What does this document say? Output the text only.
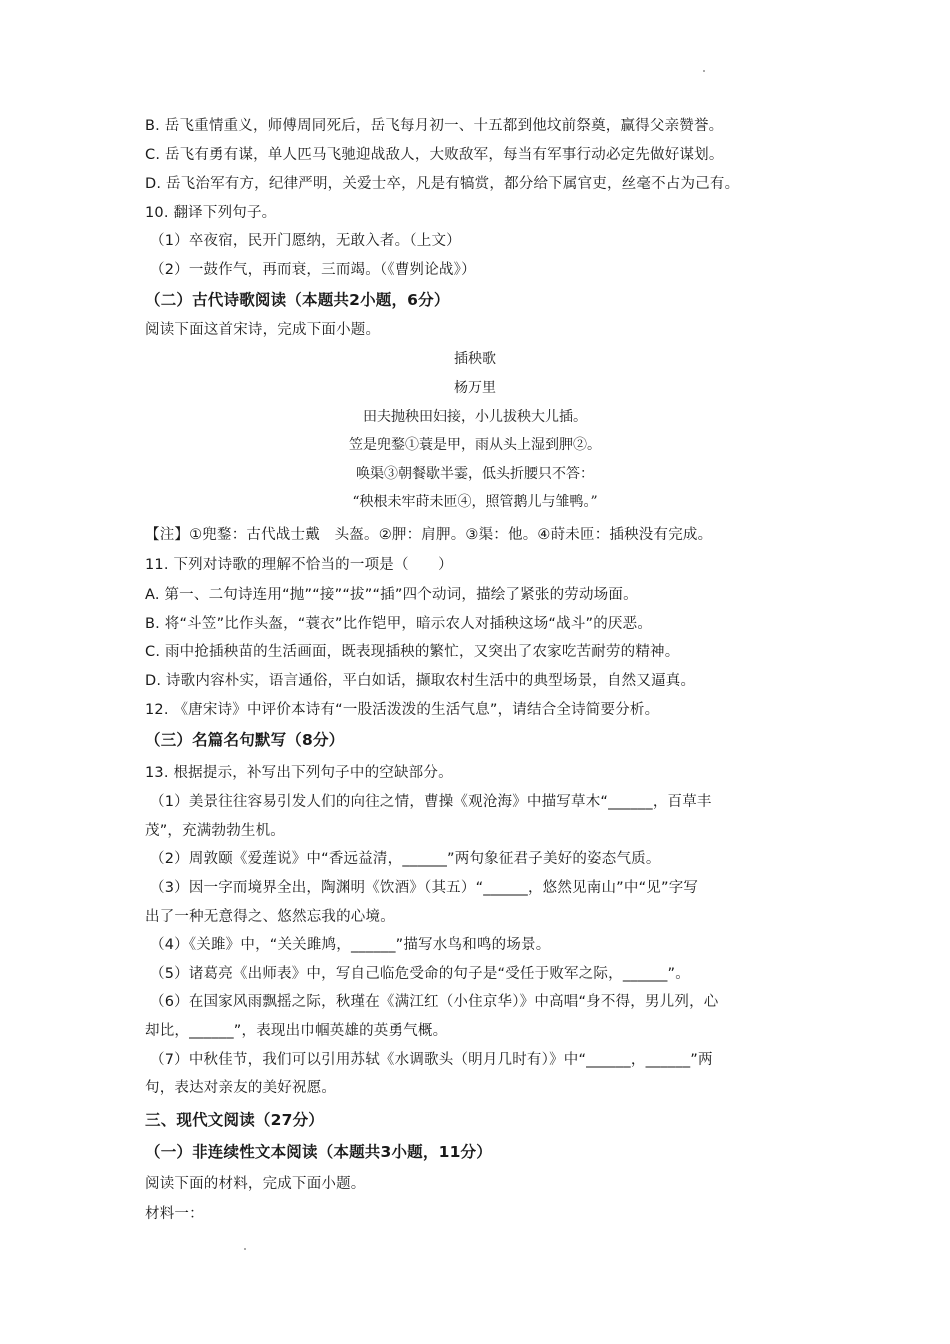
B. 岳飞重情重义，师傅周同死后，岳飞每月初一、十五都到他坟前祭奠，赢得父亲赞誉。
C. 岳飞有勇有谋，单人匹马飞驰迎战敌人，大败敌军，每当有军事行动必定先做好谋划。
D. 岳飞治军有方，纪律严明，关爱士卒，凡是有犒赏，都分给下属官吏，丝毫不占为己有。
10. 翻译下列句子。
（1）卒夜宿，民开门愿纳，无敢入者。（上文）
（2）一鼓作气，再而衰，三而竭。（《曹刿论战》）
（二）古代诗歌阅读（本题共2小题，6分）
阅读下面这首宋诗，完成下面小题。
插秧歌
杨万里
田夫抛秧田妇接，小儿拔秧大儿插。
笠是兜鍪①蓑是甲，雨从头上湿到胛②。
唤渠③朝餐歇半霎，低头折腰只不答：
“秧根未牢莳未匝④，照管鹅儿与雏鸭。”
【注】①兜鍪：古代战士戴　头盔。②胛：肩胛。③渠：他。④莳未匝：插秧没有完成。
11. 下列对诗歌的理解不恰当的一项是（　　）
A. 第一、二句诗连用“抛”“接”“拔”“插”四个动词，描绘了紧张的劳动场面。
B. 将“斗笠”比作头盔，“蓑衣”比作铠甲，暗示农人对插秧这场“战斗”的厌恶。
C. 雨中抢插秧苗的生活画面，既表现插秧的繁忙，又突出了农家吃苦耐劳的精神。
D. 诗歌内容朴实，语言通俗，平白如话，撷取农村生活中的典型场景，自然又逼真。
12. 《唐宋诗》中评价本诗有“一股活泼泼的生活气息”，请结合全诗简要分析。
（三）名篇名句默写（8分）
13. 根据提示，补写出下列句子中的空缺部分。
（1）美景往往容易引发人们的向往之情，曹操《观沧海》中描写草木“______，百草丰
茂”，充满勃勃生机。
（2）周敦颐《爱莲说》中“香远益清，______”两句象征君子美好的姿态气质。
（3）因一字而境界全出，陶渊明《饮酒》（其五）“______，悠然见南山”中“见”字写
出了一种无意得之、悠然忘我的心境。
（4）《关雎》中，“关关雎鸠，______”描写水鸟和鸣的场景。
（5）诸葛亮《出师表》中，写自己临危受命的句子是“受任于败军之际，______”。
（6）在国家风雨飘摇之际，秋瑾在《满江红（小住京华）》中高唱“身不得，男儿列，心
却比，______”，表现出巾帼英雄的英勇气概。
（7）中秋佳节，我们可以引用苏轼《水调歌头（明月几时有）》中“______，______”两
句，表达对亲友的美好祝愿。
三、现代文阅读（27分）
（一）非连续性文本阅读（本题共3小题，11分）
阅读下面的材料，完成下面小题。
材料一：
